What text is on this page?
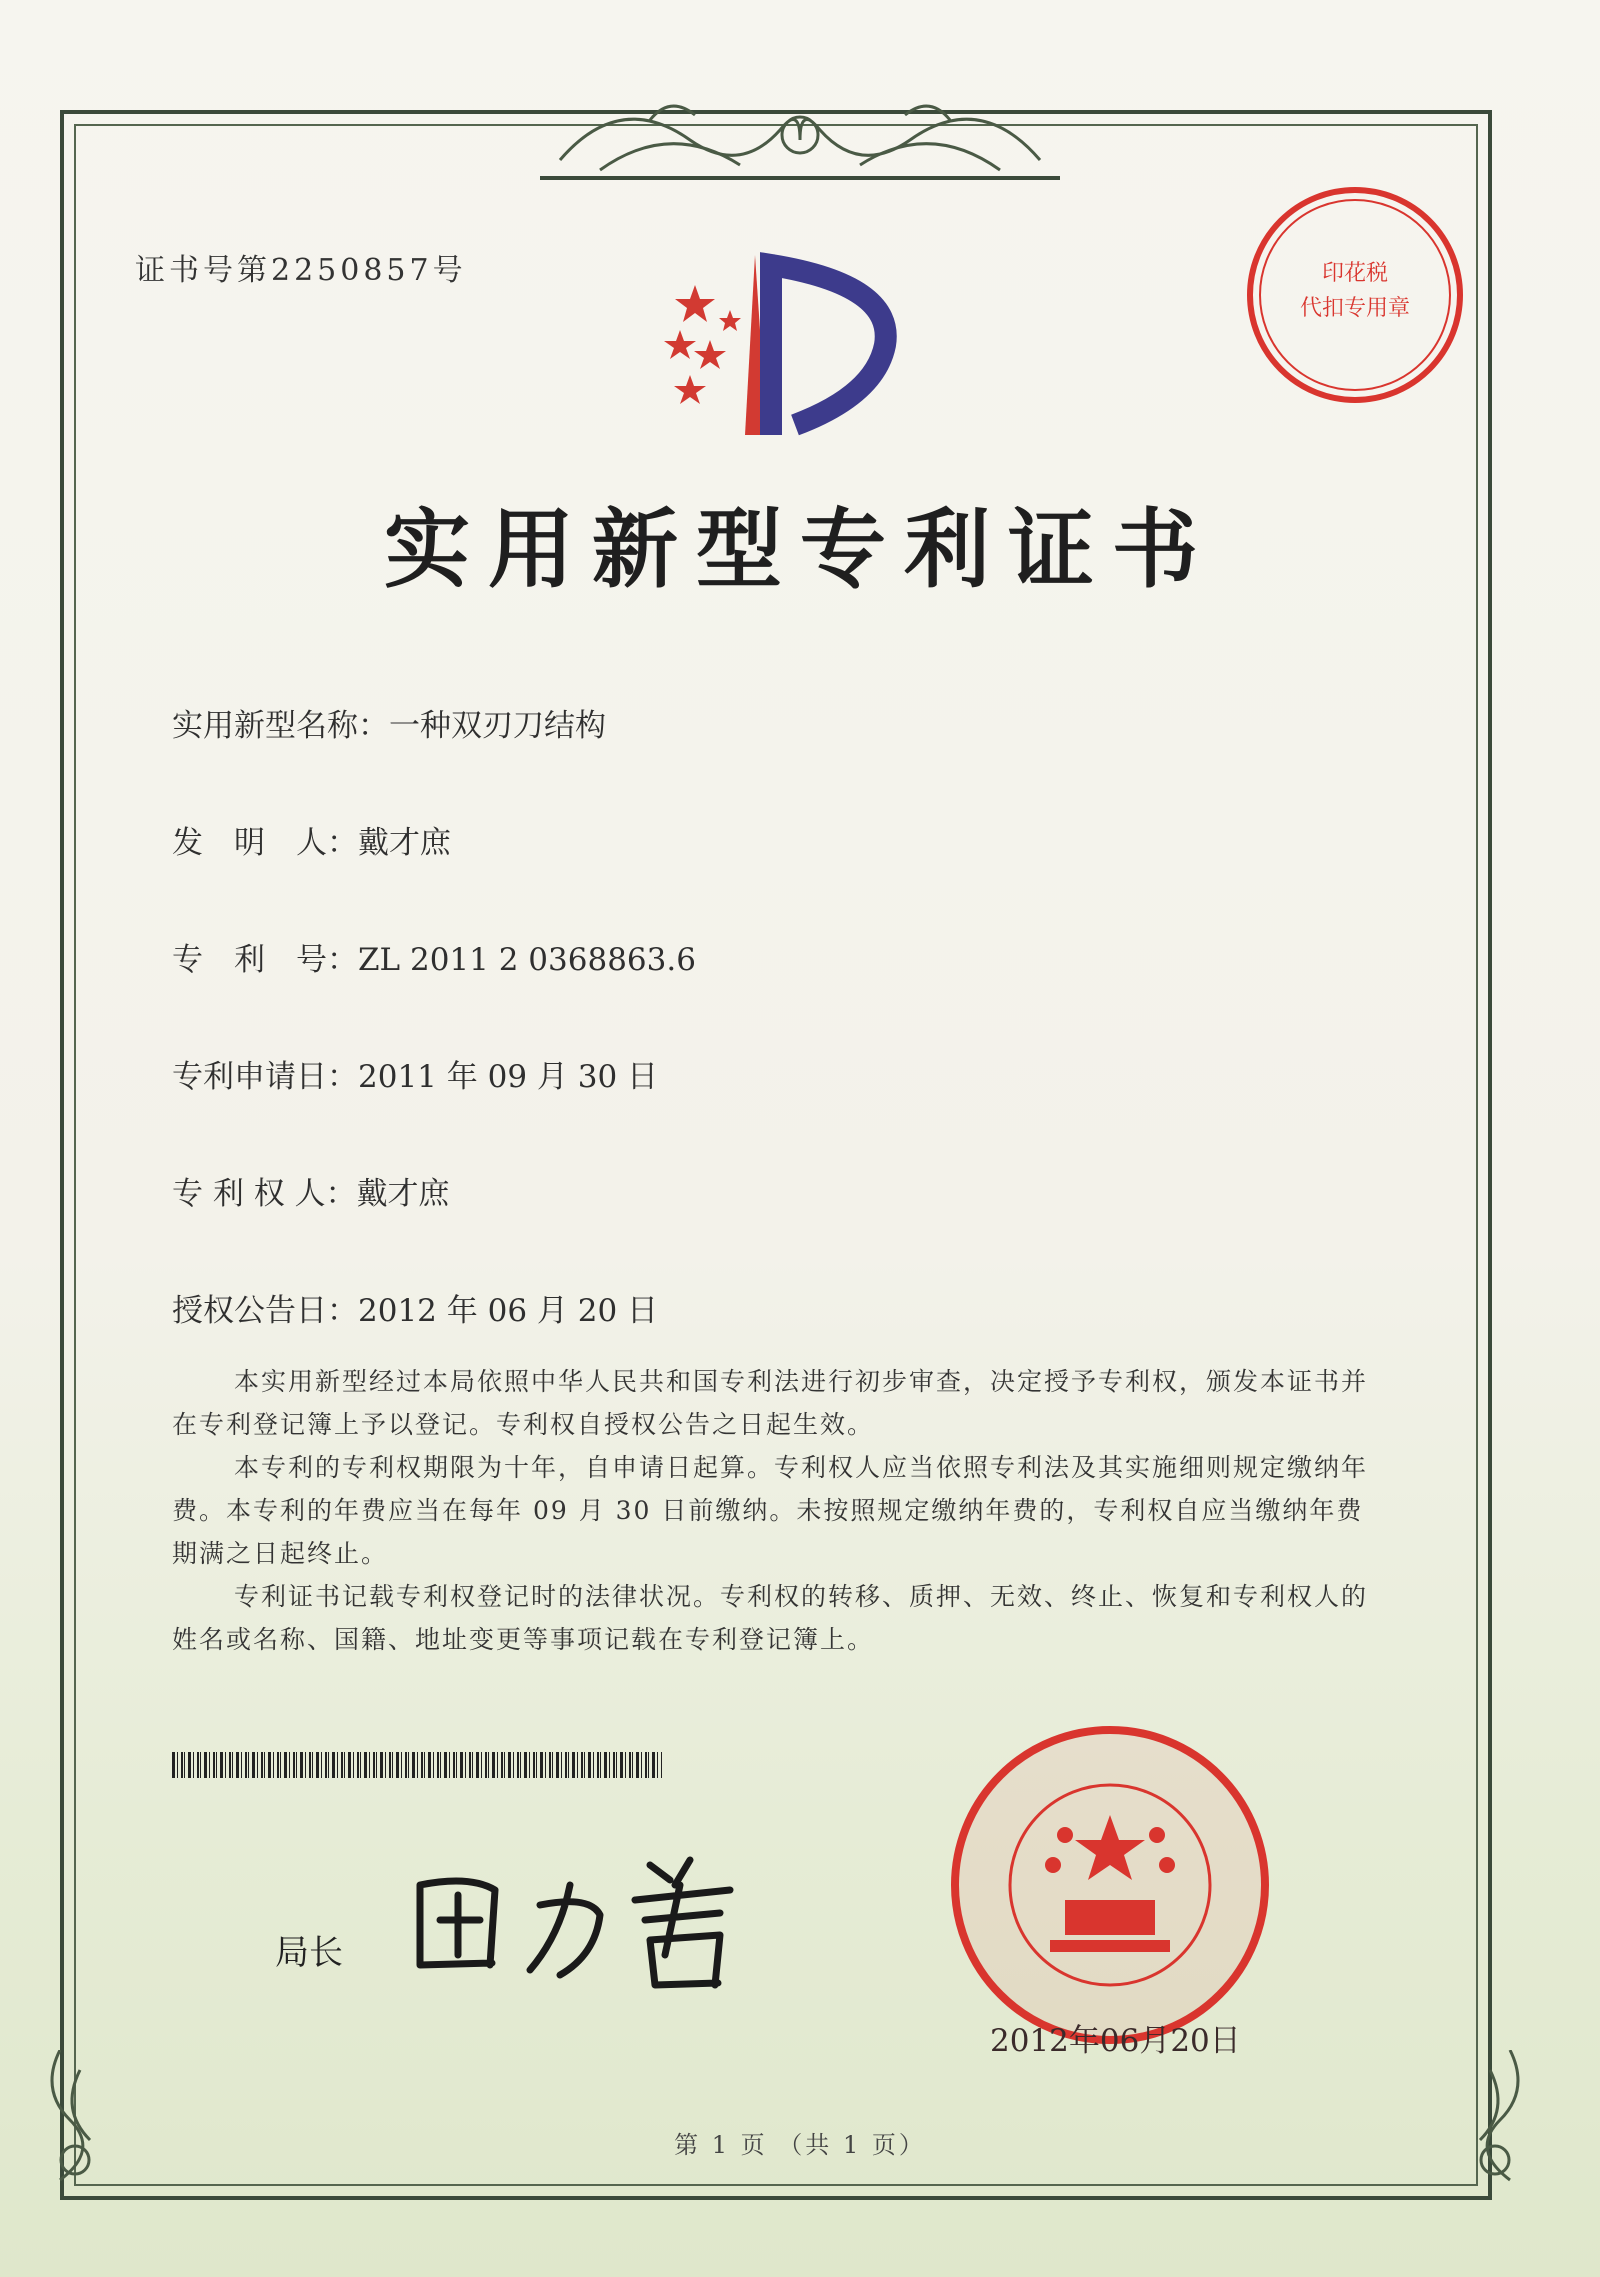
证书号第2250857号	印花税
代扣专用章
实用新型专利证书
实用新型名称：一种双刃刀结构
发　明　人：戴才庶
专　利　号：ZL 2011 2 0368863.6
专利申请日：2011 年 09 月 30 日
专 利 权 人：戴才庶
授权公告日：2012 年 06 月 20 日

本实用新型经过本局依照中华人民共和国专利法进行初步审查，决定授予专利权，颁发本证书并在专利登记簿上予以登记。专利权自授权公告之日起生效。

本专利的专利权期限为十年，自申请日起算。专利权人应当依照专利法及其实施细则规定缴纳年费。本专利的年费应当在每年 09 月 30 日前缴纳。未按照规定缴纳年费的，专利权自应当缴纳年费期满之日起终止。

专利证书记载专利权登记时的法律状况。专利权的转移、质押、无效、终止、恢复和专利权人的姓名或名称、国籍、地址变更等事项记载在专利登记簿上。

局长
2012年06月20日
第 1 页 （共 1 页）
